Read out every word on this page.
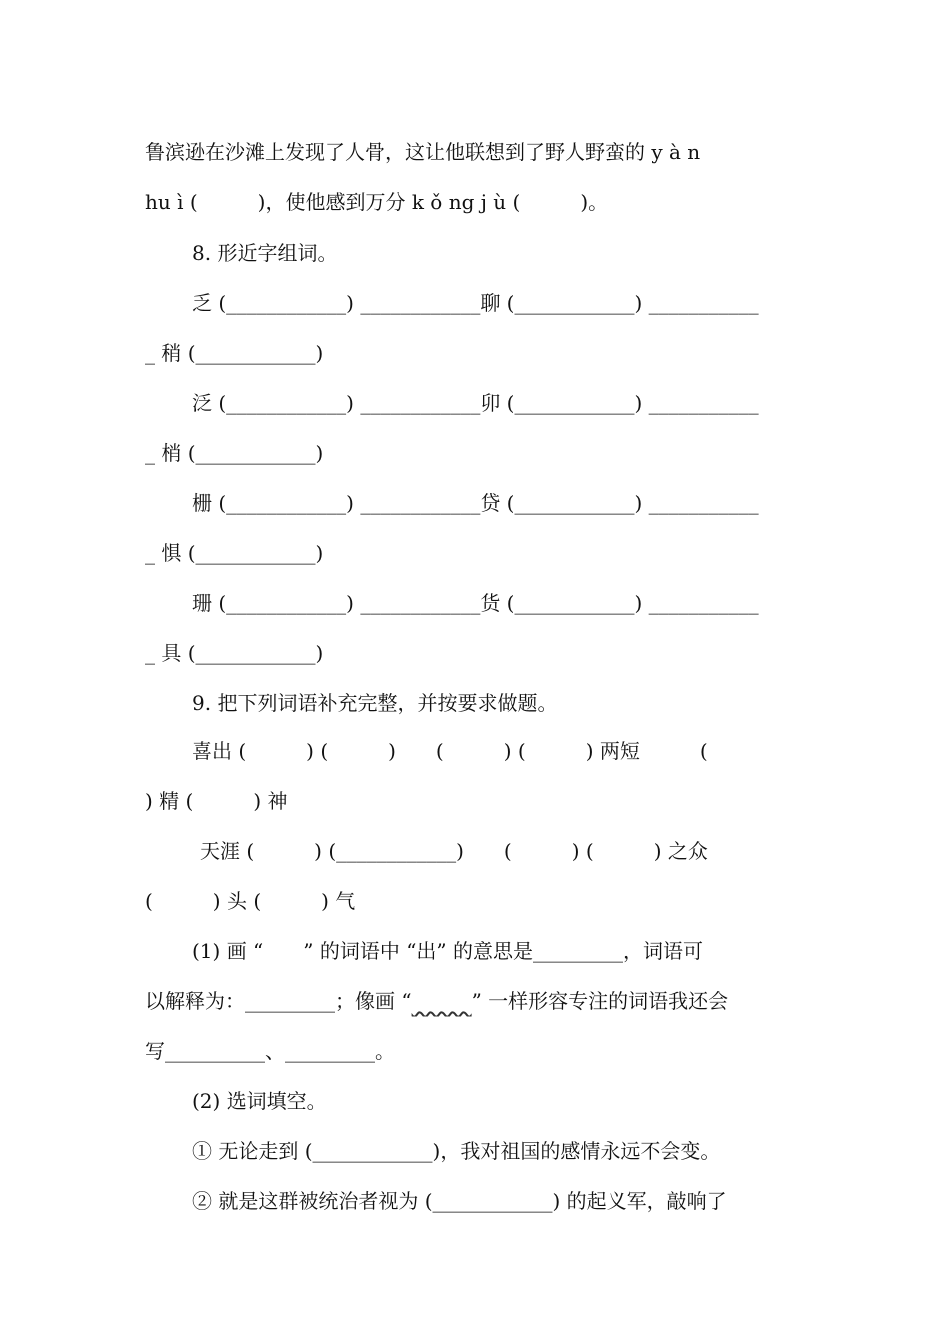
鲁滨逊在沙滩上发现了人骨，这让他联想到了野人野蛮的 y à n
hu ì (　　　)，使他感到万分 k ǒ ng j ù (　　　)。
8. 形近字组词。
乏 (____________) ____________聊 (____________) ___________
_ 稍 (____________)
泛 (____________) ____________卯 (____________) ___________
_ 梢 (____________)
栅 (____________) ____________贷 (____________) ___________
_ 惧 (____________)
珊 (____________) ____________货 (____________) ___________
_ 具 (____________)
9. 把下列词语补充完整，并按要求做题。
喜出 (　　　) (　　　)　　(　　　) (　　　) 两短　　　(
) 精 (　　　) 神
天涯 (　　　) (____________)　　(　　　) (　　　) 之众
(　　　) 头 (　　　) 气
(1) 画 “　　” 的词语中 “出” 的意思是_________，词语可
以解释为：_________；像画 “　　　	” 一样形容专注的词语我还会
写__________、_________。
(2) 选词填空。
① 无论走到 (____________)，我对祖国的感情永远不会变。
② 就是这群被统治者视为 (____________) 的起义军，敲响了
